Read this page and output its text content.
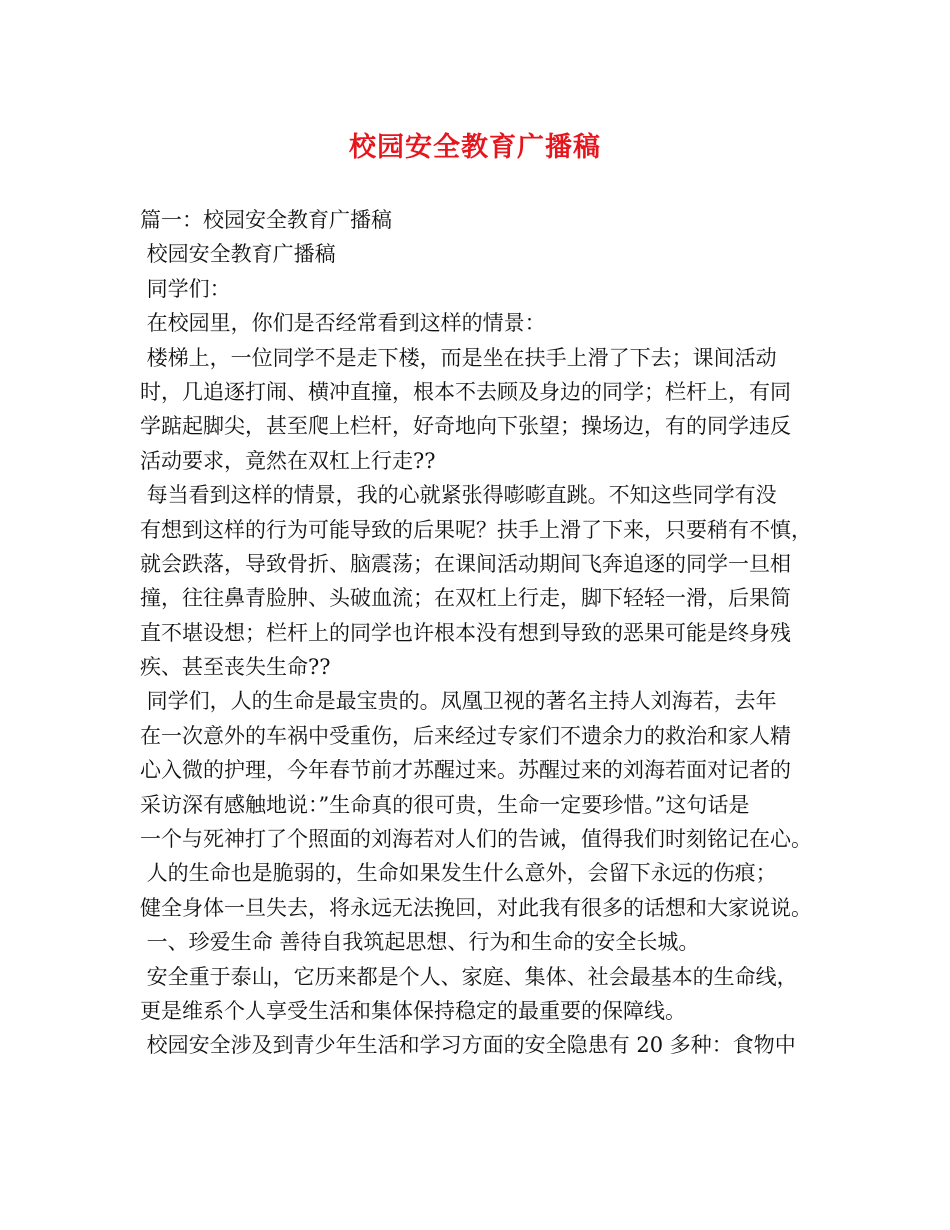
校园安全教育广播稿
篇一：校园安全教育广播稿
校园安全教育广播稿
同学们：
在校园里，你们是否经常看到这样的情景：
楼梯上，一位同学不是走下楼，而是坐在扶手上滑了下去；课间活动
时，几追逐打闹、横冲直撞，根本不去顾及身边的同学；栏杆上，有同
学踮起脚尖，甚至爬上栏杆，好奇地向下张望；操场边，有的同学违反
活动要求，竟然在双杠上行走??
每当看到这样的情景，我的心就紧张得嘭嘭直跳。不知这些同学有没
有想到这样的行为可能导致的后果呢？扶手上滑了下来，只要稍有不慎，
就会跌落，导致骨折、脑震荡；在课间活动期间飞奔追逐的同学一旦相
撞，往往鼻青脸肿、头破血流；在双杠上行走，脚下轻轻一滑，后果简
直不堪设想；栏杆上的同学也许根本没有想到导致的恶果可能是终身残
疾、甚至丧失生命??
同学们，人的生命是最宝贵的。凤凰卫视的著名主持人刘海若，去年
在一次意外的车祸中受重伤，后来经过专家们不遗余力的救治和家人精
心入微的护理，今年春节前才苏醒过来。苏醒过来的刘海若面对记者的
采访深有感触地说：”生命真的很可贵，生命一定要珍惜。”这句话是
一个与死神打了个照面的刘海若对人们的告诫，值得我们时刻铭记在心。
人的生命也是脆弱的，生命如果发生什么意外，会留下永远的伤痕；
健全身体一旦失去，将永远无法挽回，对此我有很多的话想和大家说说。
一、珍爱生命 善待自我筑起思想、行为和生命的安全长城。
安全重于泰山，它历来都是个人、家庭、集体、社会最基本的生命线，
更是维系个人享受生活和集体保持稳定的最重要的保障线。
校园安全涉及到青少年生活和学习方面的安全隐患有 20 多种：食物中
